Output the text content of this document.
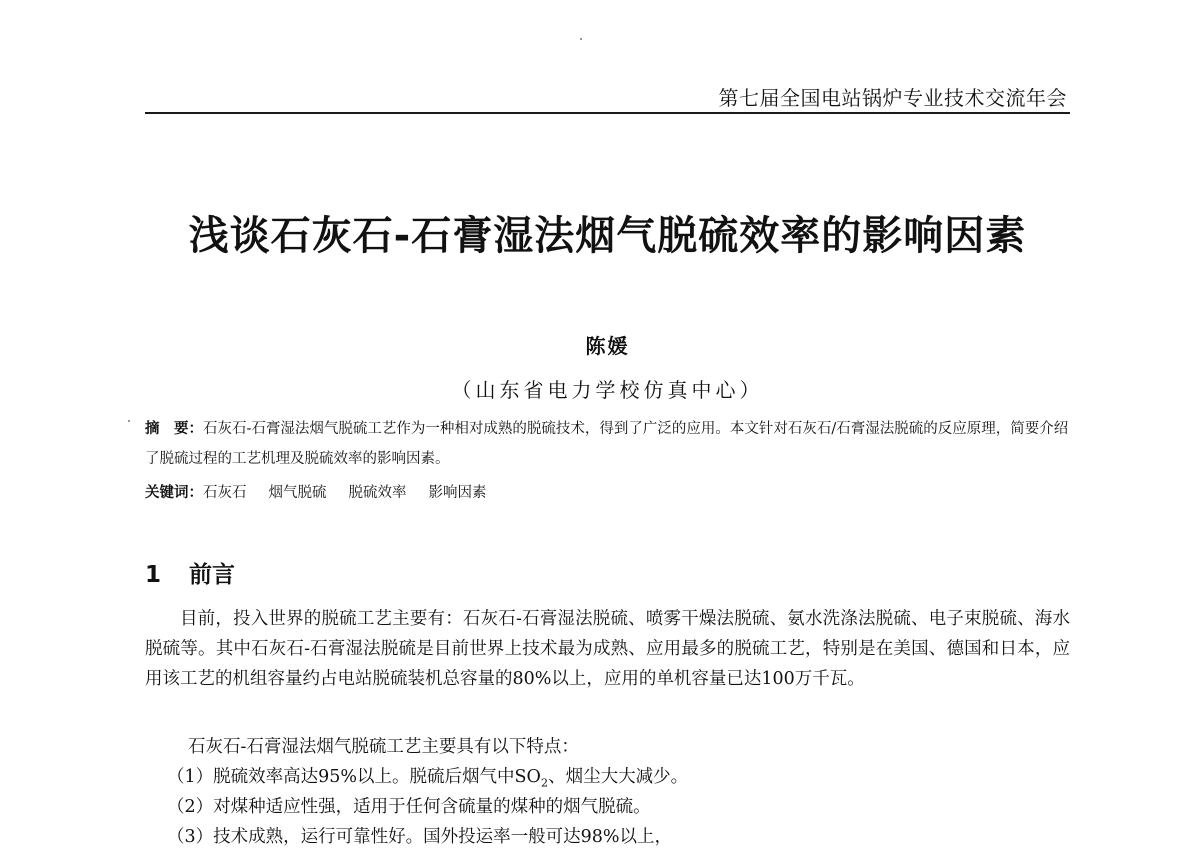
第七届全国电站锅炉专业技术交流年会
浅谈石灰石-石膏湿法烟气脱硫效率的影响因素
陈媛
（山东省电力学校仿真中心）
摘　要：石灰石-石膏湿法烟气脱硫工艺作为一种相对成熟的脱硫技术，得到了广泛的应用。本文针对石灰石/石膏湿法脱硫的反应原理，简要介绍了脱硫过程的工艺机理及脱硫效率的影响因素。
关键词：石灰石 烟气脱硫 脱硫效率 影响因素
1 前言

目前，投入世界的脱硫工艺主要有：石灰石-石膏湿法脱硫、喷雾干燥法脱硫、氨水洗涤法脱硫、电子束脱硫、海水脱硫等。其中石灰石-石膏湿法脱硫是目前世界上技术最为成熟、应用最多的脱硫工艺，特别是在美国、德国和日本，应用该工艺的机组容量约占电站脱硫装机总容量的80%以上，应用的单机容量已达100万千瓦。

石灰石-石膏湿法烟气脱硫工艺主要具有以下特点：
（1）脱硫效率高达95%以上。脱硫后烟气中$SO_2$、烟尘大大减少。
（2）对煤种适应性强，适用于任何含硫量的煤种的烟气脱硫。
（3）技术成熟，运行可靠性好。国外投运率一般可达98%以上，
